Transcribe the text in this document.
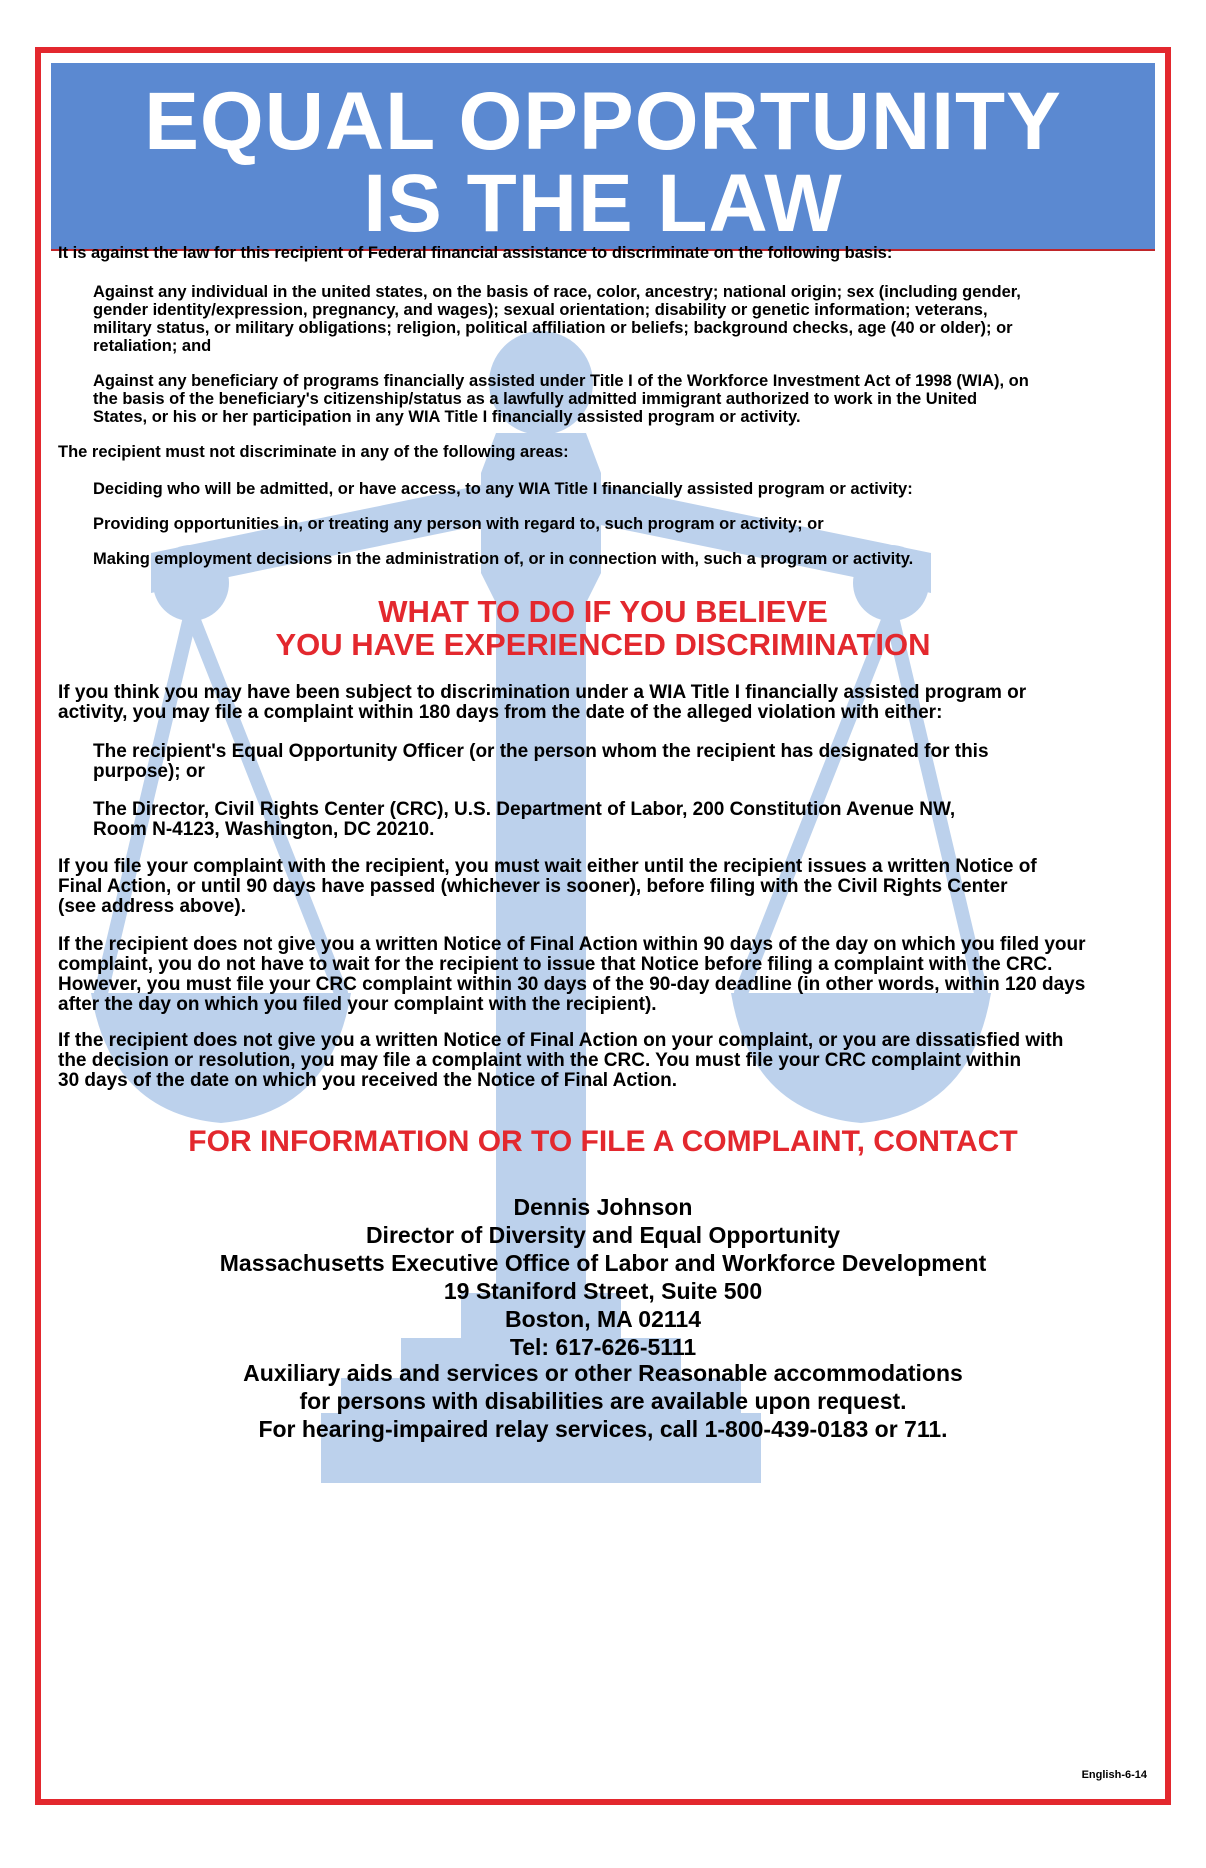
EQUAL OPPORTUNITY
IS THE LAW
It is against the law for this recipient of Federal financial assistance to discriminate on the following basis:
Against any individual in the united states, on the basis of race, color, ancestry; national origin; sex (including gender,
gender identity/expression, pregnancy, and wages); sexual orientation; disability or genetic information; veterans,
military status, or military obligations; religion, political affiliation or beliefs; background checks, age (40 or older); or
retaliation; and
Against any beneficiary of programs financially assisted under Title I of the Workforce Investment Act of 1998 (WIA), on
the basis of the beneficiary's citizenship/status as a lawfully admitted immigrant authorized to work in the United
States, or his or her participation in any WIA Title I financially assisted program or activity.
The recipient must not discriminate in any of the following areas:
Deciding who will be admitted, or have access, to any WIA Title I financially assisted program or activity:
Providing opportunities in, or treating any person with regard to, such program or activity; or
Making employment decisions in the administration of, or in connection with, such a program or activity.
WHAT TO DO IF YOU BELIEVE
YOU HAVE EXPERIENCED DISCRIMINATION
If you think you may have been subject to discrimination under a WIA Title I financially assisted program or
activity, you may file a complaint within 180 days from the date of the alleged violation with either:
The recipient's Equal Opportunity Officer (or the person whom the recipient has designated for this
purpose); or
The Director, Civil Rights Center (CRC), U.S. Department of Labor, 200 Constitution Avenue NW,
Room N-4123, Washington, DC 20210.
If you file your complaint with the recipient, you must wait either until the recipient issues a written Notice of
Final Action, or until 90 days have passed (whichever is sooner), before filing with the Civil Rights Center
(see address above).
If the recipient does not give you a written Notice of Final Action within 90 days of the day on which you filed your
complaint, you do not have to wait for the recipient to issue that Notice before filing a complaint with the CRC.
However, you must file your CRC complaint within 30 days of the 90-day deadline (in other words, within 120 days
after the day on which you filed your complaint with the recipient).
If the recipient does not give you a written Notice of Final Action on your complaint, or you are dissatisfied with
the decision or resolution, you may file a complaint with the CRC. You must file your CRC complaint within
30 days of the date on which you received the Notice of Final Action.
FOR INFORMATION OR TO FILE A COMPLAINT, CONTACT
Dennis Johnson
Director of Diversity and Equal Opportunity
Massachusetts Executive Office of Labor and Workforce Development
19 Staniford Street, Suite 500
Boston, MA 02114
Tel: 617-626-5111
Auxiliary aids and services or other Reasonable accommodations
for persons with disabilities are available upon request.
For hearing-impaired relay services, call 1-800-439-0183 or 711.
English-6-14
